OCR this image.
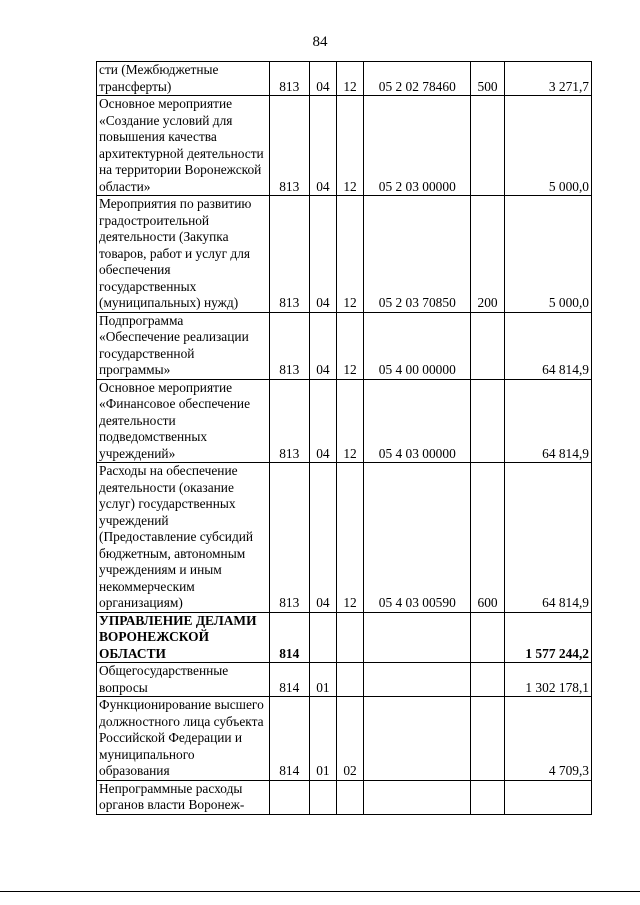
84
сти (Межбюджетные трансферты)	813	04	12	05 2 02 78460	500	3 271,7
Основное мероприятие «Создание условий для повышения качества архитектурной деятельности на территории Воронежской области»	813	04	12	05 2 03 00000		5 000,0
Мероприятия по развитию градостроительной деятельности (Закупка товаров, работ и услуг для обеспечения государственных (муниципальных) нужд)	813	04	12	05 2 03 70850	200	5 000,0
Подпрограмма «Обеспечение реализации государственной программы»	813	04	12	05 4 00 00000		64 814,9
Основное мероприятие «Финансовое обеспечение деятельности подведомственных учреждений»	813	04	12	05 4 03 00000		64 814,9
Расходы на обеспечение деятельности (оказание услуг) государственных учреждений (Предоставление субсидий бюджетным, автономным учреждениям и иным некоммерческим организациям)	813	04	12	05 4 03 00590	600	64 814,9
УПРАВЛЕНИЕ ДЕЛАМИ ВОРОНЕЖСКОЙ ОБЛАСТИ	814					1 577 244,2
Общегосударственные вопросы	814	01				1 302 178,1
Функционирование высшего должностного лица субъекта Российской Федерации и муниципального образования	814	01	02			4 709,3
Непрограммные расходы органов власти Воронеж-						
